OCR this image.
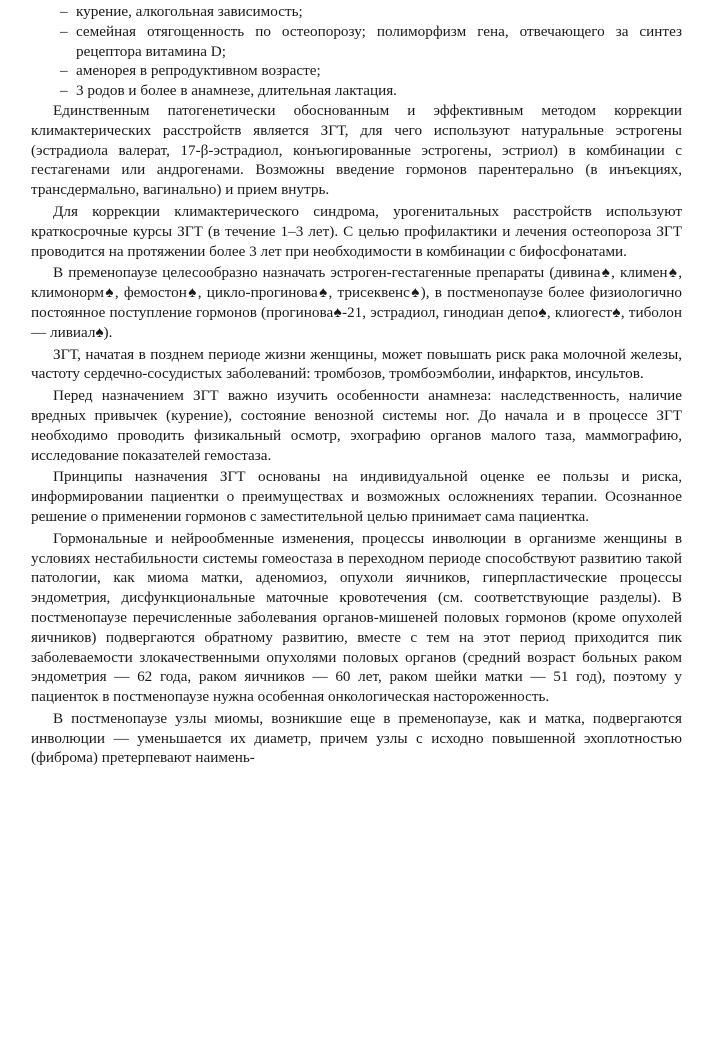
– курение, алкогольная зависимость;
– семейная отягощенность по остеопорозу; полиморфизм гена, отвечающего за синтез рецептора витамина D;
– аменорея в репродуктивном возрасте;
– 3 родов и более в анамнезе, длительная лактация.

Единственным патогенетически обоснованным и эффективным методом коррекции климактерических расстройств является ЗГТ, для чего используют натуральные эстрогены (эстрадиола валерат, 17-β-эстрадиол, конъюгированные эстрогены, эстриол) в комбинации с гестагенами или андрогенами. Возможны введение гормонов парентерально (в инъекциях, трансдермально, вагинально) и прием внутрь.

Для коррекции климактерического синдрома, урогенитальных расстройств используют краткосрочные курсы ЗГТ (в течение 1–3 лет). С целью профилактики и лечения остеопороза ЗГТ проводится на протяжении более 3 лет при необходимости в комбинации с бифосфонатами.

В пременопаузе целесообразно назначать эстроген-гестагенные препараты (дивина♠, климен♠, климонорм♠, фемостон♠, цикло-прогинова♠, трисеквенс♠), в постменопаузе более физиологично постоянное поступление гормонов (прогинова♠-21, эстрадиол, гинодиан депо♠, клиогест♠, тиболон — ливиал♠).

ЗГТ, начатая в позднем периоде жизни женщины, может повышать риск рака молочной железы, частоту сердечно-сосудистых заболеваний: тромбозов, тромбоэмболии, инфарктов, инсультов.

Перед назначением ЗГТ важно изучить особенности анамнеза: наследственность, наличие вредных привычек (курение), состояние венозной системы ног. До начала и в процессе ЗГТ необходимо проводить физикальный осмотр, эхографию органов малого таза, маммографию, исследование показателей гемостаза.

Принципы назначения ЗГТ основаны на индивидуальной оценке ее пользы и риска, информировании пациентки о преимуществах и возможных осложнениях терапии. Осознанное решение о применении гормонов с заместительной целью принимает сама пациентка.

Гормональные и нейрообменные изменения, процессы инволюции в организме женщины в условиях нестабильности системы гомеостаза в переходном периоде способствуют развитию такой патологии, как миома матки, аденомиоз, опухоли яичников, гиперпластические процессы эндометрия, дисфункциональные маточные кровотечения (см. соответствующие разделы). В постменопаузе перечисленные заболевания органов-мишеней половых гормонов (кроме опухолей яичников) подвергаются обратному развитию, вместе с тем на этот период приходится пик заболеваемости злокачественными опухолями половых органов (средний возраст больных раком эндометрия — 62 года, раком яичников — 60 лет, раком шейки матки — 51 год), поэтому у пациенток в постменопаузе нужна особенная онкологическая настороженность.

В постменопаузе узлы миомы, возникшие еще в пременопаузе, как и матка, подвергаются инволюции — уменьшается их диаметр, причем узлы с исходно повышенной эхоплотностью (фиброма) претерпевают наимень-
